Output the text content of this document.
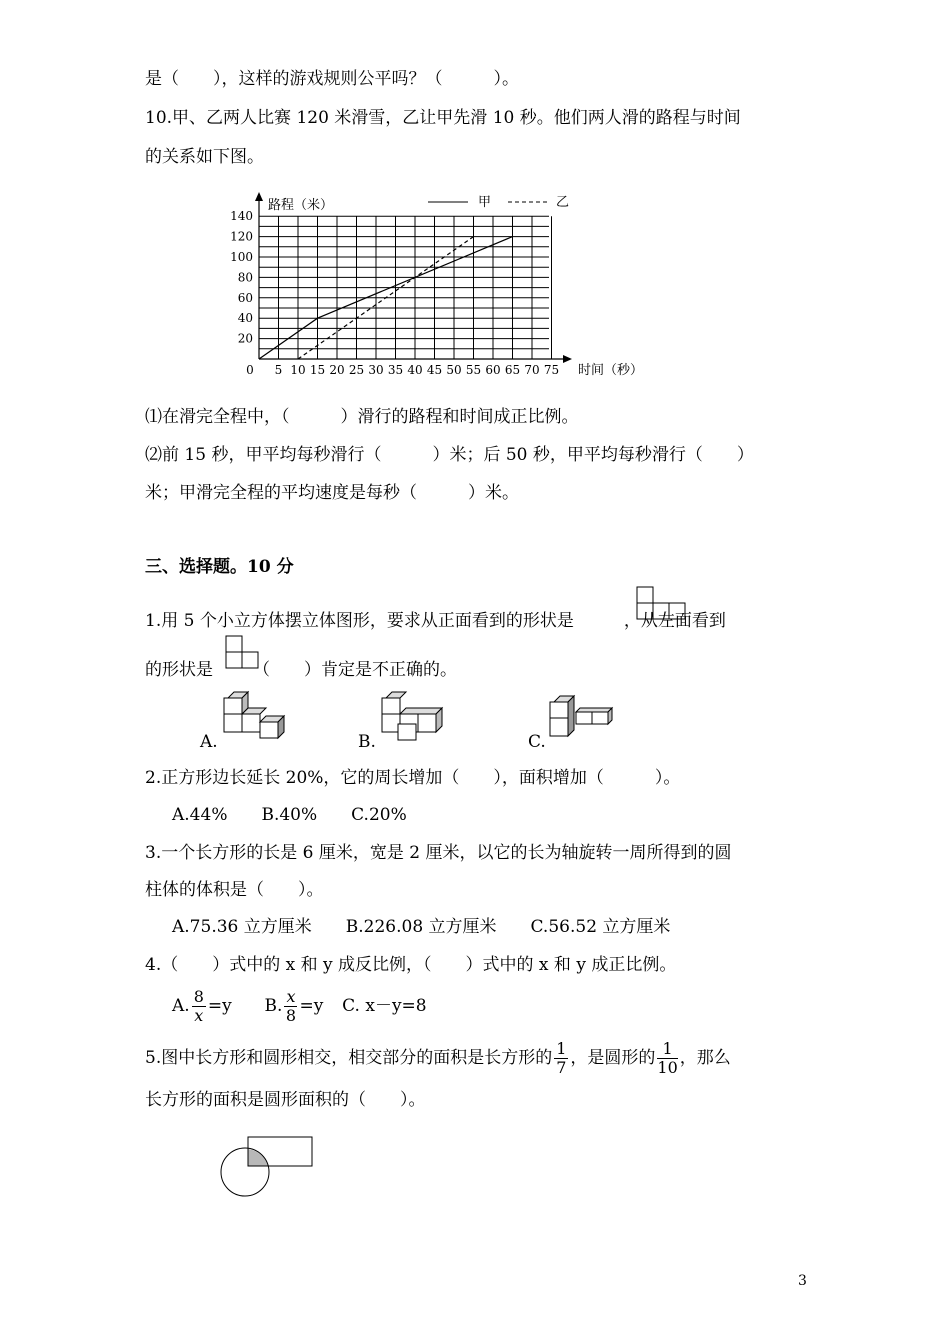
是（　　），这样的游戏规则公平吗？（　　　）。
10.甲、乙两人比赛 120 米滑雪，乙让甲先滑 10 秒。他们两人滑的路程与时间
的关系如下图。
20
40
60
80
100
120
140
0 5 10 15 20 25 30 35 40 45 50 55 60 65 70 75
路程（米）
时间（秒）
甲	乙
⑴在滑完全程中，（　　　）滑行的路程和时间成正比例。
⑵前 15 秒，甲平均每秒滑行（　　　）米；后 50 秒，甲平均每秒滑行（　　）
米；甲滑完全程的平均速度是每秒（　　　）米。
三、选择题。10 分
1.用 5 个小立方体摆立体图形，要求从正面看到的形状是	，从左面看到
的形状是 （　　）肯定是不正确的。
A.	B.	C.
2.正方形边长延长 20%，它的周长增加（　　），面积增加（　　　）。
A.44%　　B.40%　　C.20%
3.一个长方形的长是 6 厘米，宽是 2 厘米，以它的长为轴旋转一周所得到的圆
柱体的体积是（　　）。
A.75.36 立方厘米　　B.226.08 立方厘米　　C.56.52 立方厘米
4.（　　）式中的 x 和 y 成反比例，（　　）式中的 x 和 y 成正比例。
A. $\frac{8}{x} =y$ B. $\frac{x}{8} =y$ C. x－y=8
5.图中长方形和圆形相交，相交部分的面积是长方形的 $\frac{1}{7}$ ，是圆形的 $\frac{1}{10}$ ，那么
长方形的面积是圆形面积的（　　）。
3
